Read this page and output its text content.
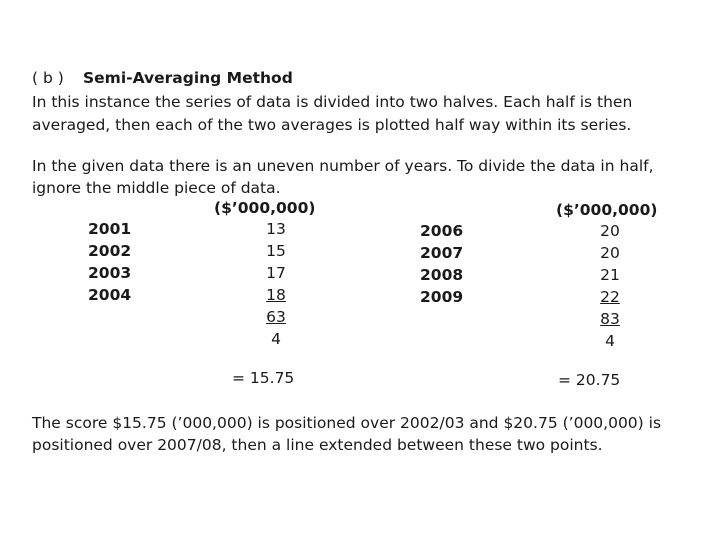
( b ) Semi-Averaging Method
In this instance the series of data is divided into two halves. Each half is then
averaged, then each of the two averages is plotted half way within its series.
In the given data there is an uneven number of years. To divide the data in half,
ignore the middle piece of data.
($’000,000)
2001
2002
2003
2004
13
15
17
18
63
4
= 15.75
($’000,000)
2006
2007
2008
2009
20
20
21
22
83
4
= 20.75
The score $15.75 (’000,000) is positioned over 2002/03 and $20.75 (’000,000) is
positioned over 2007/08, then a line extended between these two points.
